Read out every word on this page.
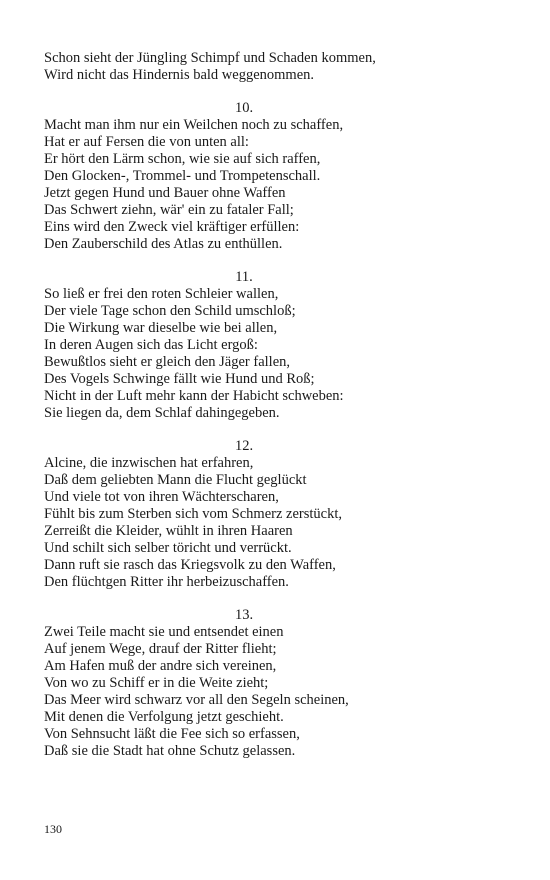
Schon sieht der Jüngling Schimpf und Schaden kommen,
Wird nicht das Hindernis bald weggenommen.
10.
Macht man ihm nur ein Weilchen noch zu schaffen,
Hat er auf Fersen die von unten all:
Er hört den Lärm schon, wie sie auf sich raffen,
Den Glocken-, Trommel- und Trompetenschall.
Jetzt gegen Hund und Bauer ohne Waffen
Das Schwert ziehn, wär' ein zu fataler Fall;
Eins wird den Zweck viel kräftiger erfüllen:
Den Zauberschild des Atlas zu enthüllen.
11.
So ließ er frei den roten Schleier wallen,
Der viele Tage schon den Schild umschloß;
Die Wirkung war dieselbe wie bei allen,
In deren Augen sich das Licht ergoß:
Bewußtlos sieht er gleich den Jäger fallen,
Des Vogels Schwinge fällt wie Hund und Roß;
Nicht in der Luft mehr kann der Habicht schweben:
Sie liegen da, dem Schlaf dahingegeben.
12.
Alcine, die inzwischen hat erfahren,
Daß dem geliebten Mann die Flucht geglückt
Und viele tot von ihren Wächterscharen,
Fühlt bis zum Sterben sich vom Schmerz zerstückt,
Zerreißt die Kleider, wühlt in ihren Haaren
Und schilt sich selber töricht und verrückt.
Dann ruft sie rasch das Kriegsvolk zu den Waffen,
Den flüchtgen Ritter ihr herbeizuschaffen.
13.
Zwei Teile macht sie und entsendet einen
Auf jenem Wege, drauf der Ritter flieht;
Am Hafen muß der andre sich vereinen,
Von wo zu Schiff er in die Weite zieht;
Das Meer wird schwarz vor all den Segeln scheinen,
Mit denen die Verfolgung jetzt geschieht.
Von Sehnsucht läßt die Fee sich so erfassen,
Daß sie die Stadt hat ohne Schutz gelassen.
130
